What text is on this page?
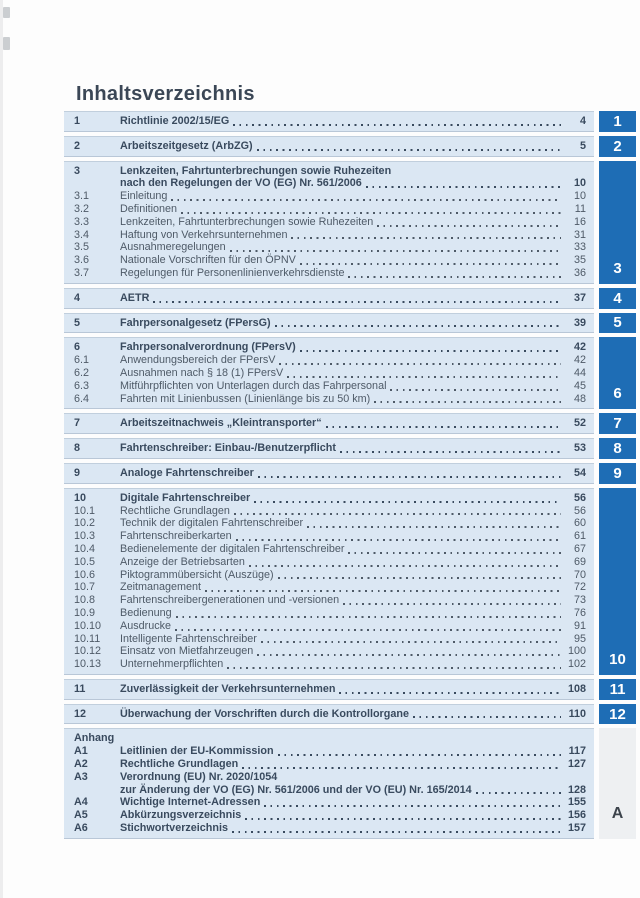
Inhaltsverzeichnis
1	Richtlinie 2002/15/EG	4 1
2	Arbeitszeitgesetz (ArbZG)	5 2
3	Lenkzeiten, Fahrtunterbrechungen sowie Ruhezeiten
nach den Regelungen der VO (EG) Nr. 561/2006	10
3.1	Einleitung	10
3.2	Definitionen	11
3.3	Lenkzeiten, Fahrtunterbrechungen sowie Ruhezeiten	16
3.4	Haftung von Verkehrsunternehmen	31
3.5	Ausnahmeregelungen	33
3.6	Nationale Vorschriften für den ÖPNV	35
3.7	Regelungen für Personenlinienverkehrsdienste	36 3
4	AETR	37 4
5	Fahrpersonalgesetz (FPersG)	39 5
6	Fahrpersonalverordnung (FPersV)	42
6.1	Anwendungsbereich der FPersV	42
6.2	Ausnahmen nach § 18 (1) FPersV	44
6.3	Mitführpflichten von Unterlagen durch das Fahrpersonal	45
6.4	Fahrten mit Linienbussen (Linienlänge bis zu 50 km)	48 6
7	Arbeitszeitnachweis „Kleintransporter“	52 7
8	Fahrtenschreiber: Einbau-/Benutzerpflicht	53 8
9	Analoge Fahrtenschreiber	54 9
10	Digitale Fahrtenschreiber	56
10.1	Rechtliche Grundlagen	56
10.2	Technik der digitalen Fahrtenschreiber	60
10.3	Fahrtenschreiberkarten	61
10.4	Bedienelemente der digitalen Fahrtenschreiber	67
10.5	Anzeige der Betriebsarten	69
10.6	Piktogrammübersicht (Auszüge)	70
10.7	Zeitmanagement	72
10.8	Fahrtenschreibergenerationen und -versionen	73
10.9	Bedienung	76
10.10	Ausdrucke	91
10.11	Intelligente Fahrtenschreiber	95
10.12	Einsatz von Mietfahrzeugen	100
10.13	Unternehmerpflichten	102 10
11	Zuverlässigkeit der Verkehrsunternehmen	108 11
12	Überwachung der Vorschriften durch die Kontrollorgane	110 12
Anhang
A1	Leitlinien der EU-Kommission	117
A2	Rechtliche Grundlagen	127
A3	Verordnung (EU) Nr. 2020/1054
zur Änderung der VO (EG) Nr. 561/2006 und der VO (EU) Nr. 165/2014	128
A4	Wichtige Internet-Adressen	155
A5	Abkürzungsverzeichnis	156
A6	Stichwortverzeichnis	157
A
